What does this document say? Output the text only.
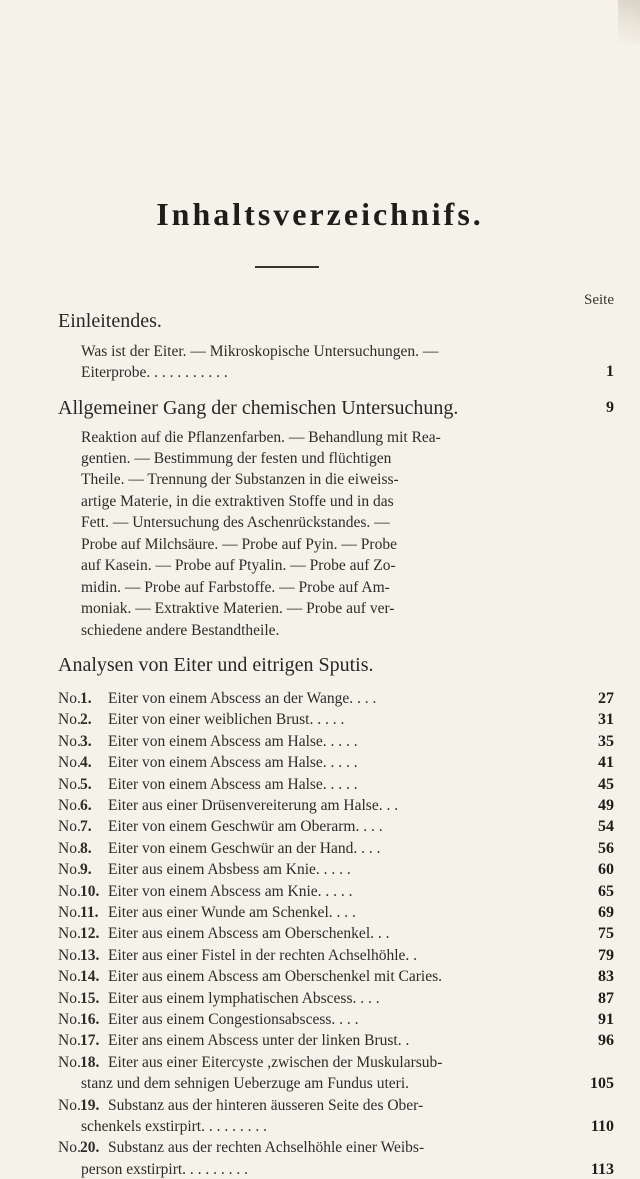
Inhaltsverzeichnifs.
Seite
Einleitendes.
Was ist der Eiter. — Mikroskopische Untersuchungen. —
Eiterprobe. . . . . . . . . . .	1
Allgemeiner Gang der chemischen Untersuchung.	9
Reaktion auf die Pflanzenfarben. — Behandlung mit Rea-
gentien. — Bestimmung der festen und flüchtigen
Theile. — Trennung der Substanzen in die eiweiss-
artige Materie, in die extraktiven Stoffe und in das
Fett. — Untersuchung des Aschenrückstandes. —
Probe auf Milchsäure. — Probe auf Pyin. — Probe
auf Kasein. — Probe auf Ptyalin. — Probe auf Zo-
midin. — Probe auf Farbstoffe. — Probe auf Am-
moniak. — Extraktive Materien. — Probe auf ver-
schiedene andere Bestandtheile.
Analysen von Eiter und eitrigen Sputis.
No. 1.	Eiter von einem Abscess an der Wange. . . .	27
No. 2.	Eiter von einer weiblichen Brust. . . . .	31
No. 3.	Eiter von einem Abscess am Halse. . . . .	35
No. 4.	Eiter von einem Abscess am Halse. . . . .	41
No. 5.	Eiter von einem Abscess am Halse. . . . .	45
No. 6.	Eiter aus einer Drüsenvereiterung am Halse. . .	49
No. 7.	Eiter von einem Geschwür am Oberarm. . . .	54
No. 8.	Eiter von einem Geschwür an der Hand. . . .	56
No. 9.	Eiter aus einem Absbess am Knie. . . . .	60
No. 10. Eiter von einem Abscess am Knie. . . . .	65
No. 11. Eiter aus einer Wunde am Schenkel. . . .	69
No. 12. Eiter aus einem Abscess am Oberschenkel. . .	75
No. 13. Eiter aus einer Fistel in der rechten Achselhöhle. .	79
No. 14. Eiter aus einem Abscess am Oberschenkel mit Caries.	83
No. 15. Eiter aus einem lymphatischen Abscess. . . .	87
No. 16. Eiter aus einem Congestionsabscess. . . .	91
No. 17. Eiter ans einem Abscess unter der linken Brust. .	96
No. 18. Eiter aus einer Eitercyste ,zwischen der Muskularsub-
stanz und dem sehnigen Ueberzuge am Fundus uteri.	105
No. 19. Substanz aus der hinteren äusseren Seite des Ober-
schenkels exstirpirt. . . . . . . . .	110
No. 20. Substanz aus der rechten Achselhöhle einer Weibs-
person exstirpirt. . . . . . . . .	113
